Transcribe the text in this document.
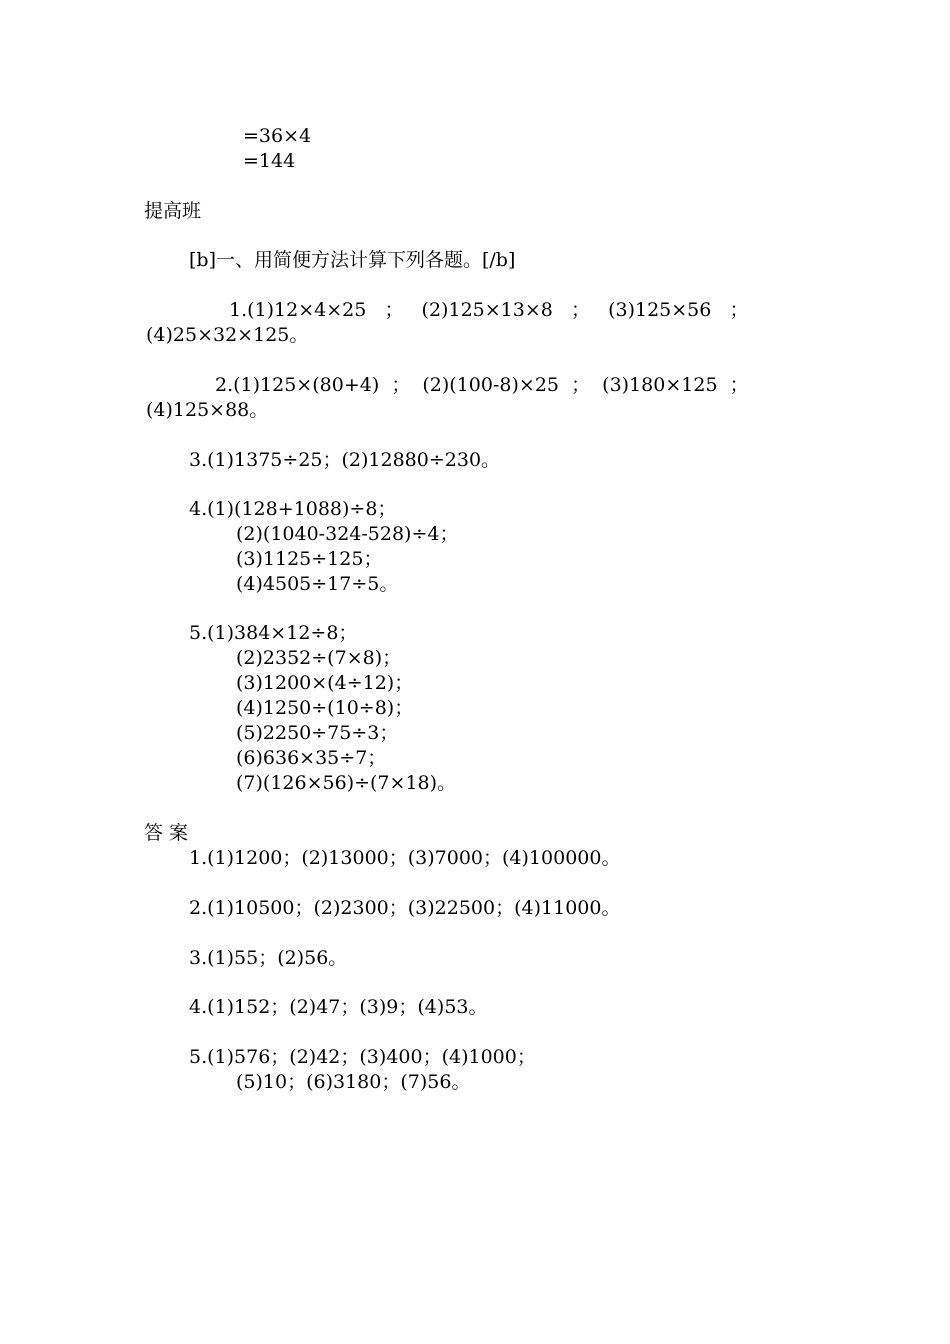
=36×4
=144
提高班
[b]一、用简便方法计算下列各题。[/b]
1.(1)12×4×25   ；   (2)125×13×8   ；   (3)125×56   ；
(4)25×32×125。
2.(1)125×(80+4)  ；  (2)(100-8)×25  ；  (3)180×125  ；
(4)125×88。
3.(1)1375÷25；(2)12880÷230。
4.(1)(128+1088)÷8；
(2)(1040-324-528)÷4；
(3)1125÷125；
(4)4505÷17÷5。
5.(1)384×12÷8；
(2)2352÷(7×8)；
(3)1200×(4÷12)；
(4)1250÷(10÷8)；
(5)2250÷75÷3；
(6)636×35÷7；
(7)(126×56)÷(7×18)。
答 案
1.(1)1200；(2)13000；(3)7000；(4)100000。
2.(1)10500；(2)2300；(3)22500；(4)11000。
3.(1)55；(2)56。
4.(1)152；(2)47；(3)9；(4)53。
5.(1)576；(2)42；(3)400；(4)1000；
(5)10；(6)3180；(7)56。
